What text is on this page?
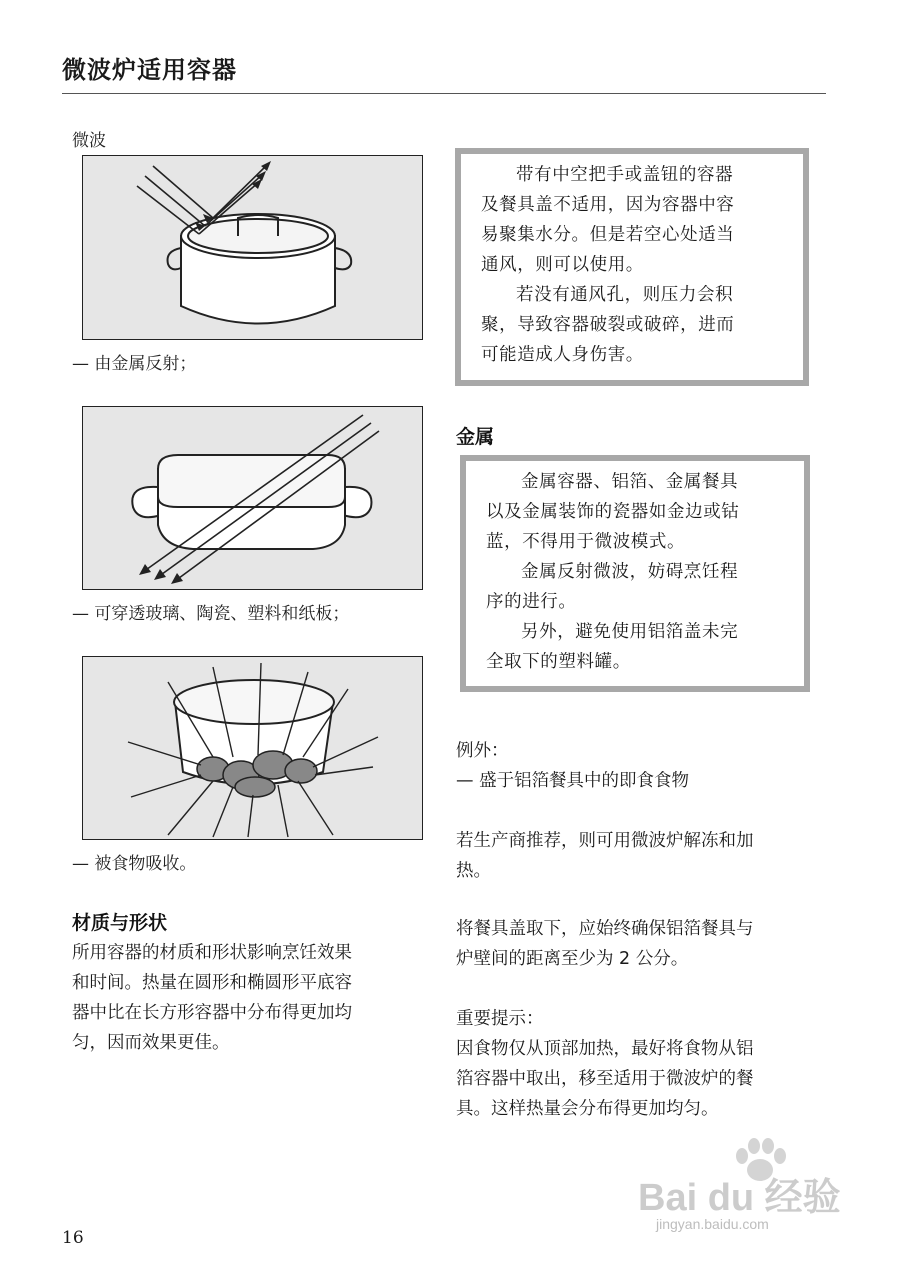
微波炉适用容器
微波
— 由金属反射；
— 可穿透玻璃、陶瓷、塑料和纸板；
— 被食物吸收。
材质与形状
所用容器的材质和形状影响烹饪效果
和时间。热量在圆形和椭圆形平底容
器中比在长方形容器中分布得更加均
匀，因而效果更佳。

带有中空把手或盖钮的容器

及餐具盖不适用，因为容器中容

易聚集水分。但是若空心处适当

通风，则可以使用。

若没有通风孔，则压力会积

聚，导致容器破裂或破碎，进而

可能造成人身伤害。

金属

金属容器、铝箔、金属餐具

以及金属装饰的瓷器如金边或钴

蓝，不得用于微波模式。

金属反射微波，妨碍烹饪程

序的进行。

另外，避免使用铝箔盖未完

全取下的塑料罐。

例外：
— 盛于铝箔餐具中的即食食物
若生产商推荐，则可用微波炉解冻和加
热。
将餐具盖取下，应始终确保铝箔餐具与
炉壁间的距离至少为 2 公分。
重要提示：
因食物仅从顶部加热，最好将食物从铝
箔容器中取出，移至适用于微波炉的餐
具。这样热量会分布得更加均匀。
Bai du 经验
jingyan.baidu.com
16
